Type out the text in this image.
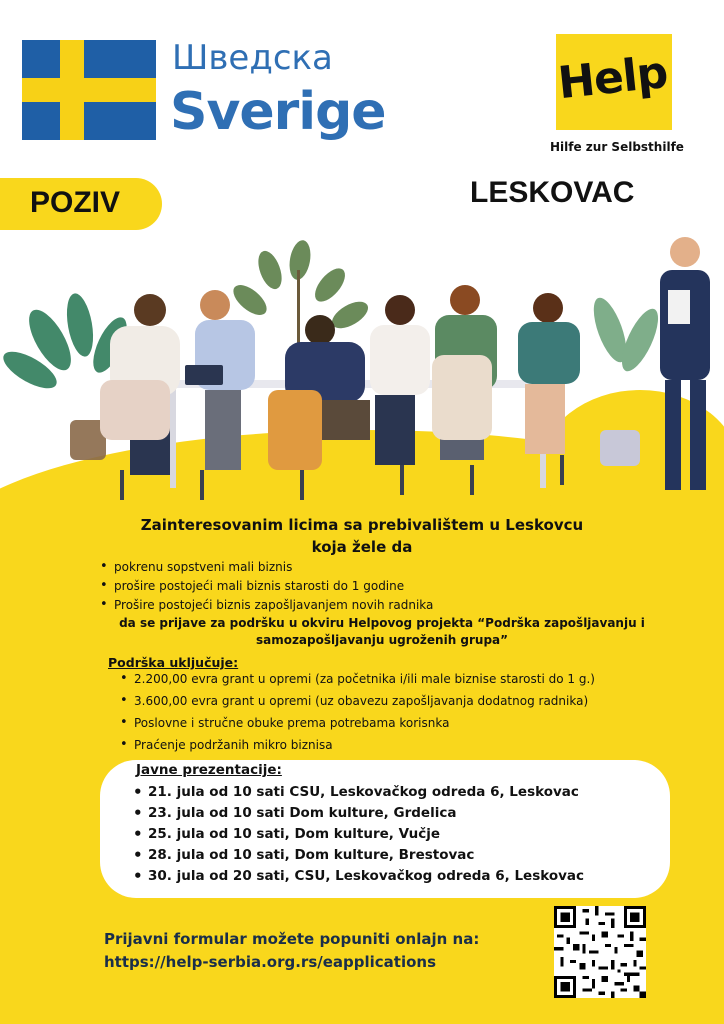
Шведска
Sverige
Help
Hilfe zur Selbsthilfe
POZIV	LESKOVAC
Zainteresovanim licima sa prebivalištem u Leskovcu
koja žele da
• pokrenu sopstveni mali biznis
• prošire postojeći mali biznis starosti do 1 godine
• Prošire postojeći biznis zapošljavanjem novih radnika
da se prijave za podršku u okviru Helpovog projekta “Podrška zapošljavanju i
samozapošljavanju ugroženih grupa”
Podrška uključuje:
• 2.200,00 evra grant u opremi (za početnika i/ili male biznise starosti do 1 g.)
• 3.600,00 evra grant u opremi (uz obavezu zapošljavanja dodatnog radnika)
• Poslovne i stručne obuke prema potrebama korisnka
• Praćenje podržanih mikro biznisa
Javne prezentacije:
• 21. jula od 10 sati CSU, Leskovačkog odreda 6, Leskovac
• 23. jula od 10 sati Dom kulture, Grdelica
• 25. jula od 10 sati, Dom kulture, Vučje
• 28. jula od 10 sati, Dom kulture, Brestovac
• 30. jula od 20 sati, CSU, Leskovačkog odreda 6, Leskovac
Prijavni formular možete popuniti onlajn na:
https://help-serbia.org.rs/eapplications
